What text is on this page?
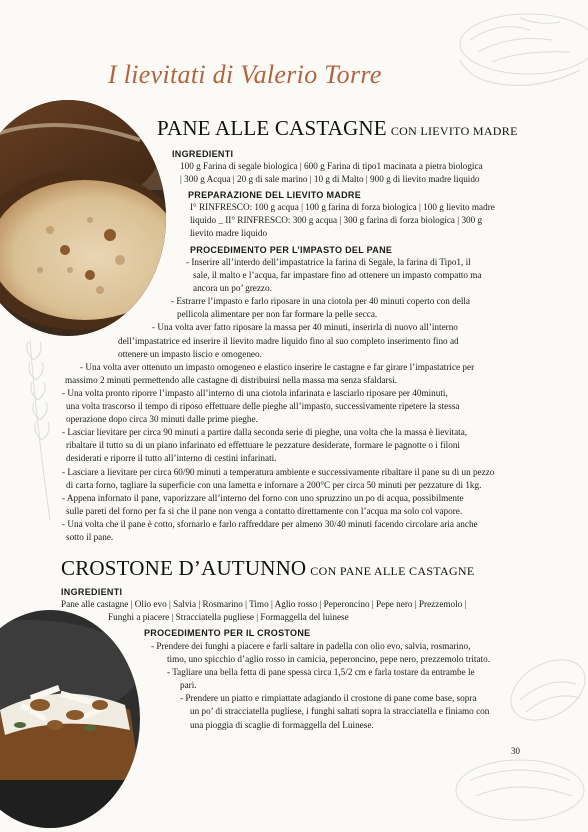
I lievitati di Valerio Torre
PANE ALLE CASTAGNE CON LIEVITO MADRE
INGREDIENTI

100 g Farina di segale biologica | 600 g Farina di tipo1 macinata a pietra biologica

| 300 g Acqua | 20 g di sale marino | 10 g di Malto | 900 g di lievito madre liquido

PREPARAZIONE DEL LIEVITO MADRE

I° RINFRESCO: 100 g acqua | 100 g farina di forza biologica | 100 g lievito madre

liquido _ II° RINFRESCO: 300 g acqua | 300 g farina di forza biologica | 300 g

lievito madre liquido

PROCEDIMENTO PER L’IMPASTO DEL PANE

- Inserire all’interdo dell’impastatrice la farina di Segale, la farina di Tipo1, il

sale, il malto e l’acqua, far impastare fino ad ottenere un impasto compatto ma

ancora un po’ grezzo.

- Estrarre l’impasto e farlo riposare in una ciotola per 40 minuti coperto con della

pellicola alimentare per non far formare la pelle secca.

- Una volta aver fatto riposare la massa per 40 minuti, inserirla di nuovo all’interno

dell’impastatrice ed inserire il lievito madre liquido fino al suo completo inserimento fino ad

ottenere un impasto liscio e omogeneo.

- Una volta aver ottenuto un impasto omogeneo e elastico inserire le castagne e far girare l’impastatrice per

massimo 2 minuti permettendo alle castagne di distribuirsi nella massa ma senza sfaldarsi.

- Una volta pronto riporre l’impasto all’interno di una ciotola infarinata e lasciarlo riposare per 40minuti,

una volta trascorso il tempo di riposo effettuare delle pieghe all’impasto, successivamente ripetere la stessa

operazione dopo circa 30 minuti dalle prime pieghe.

- Lasciar lievitare per circa 90 minuti a partire dalla seconda serie di pieghe, una volta che la massa è lievitata,

ribaltare il tutto su di un piano infarinato ed effettuare le pezzature desiderate, formare le pagnotte o i filoni

desiderati e riporre il tutto all’interno di cestini infarinati.

- Lasciare a lievitare per circa 60/90 minuti a temperatura ambiente e successivamente ribaltare il pane su di un pezzo

di carta forno, tagliare la superficie con una lametta e infornare a 200°C per circa 50 minuti per pezzature di 1kg.

- Appena infornato il pane, vaporizzare all’interno del forno con uno spruzzino un po di acqua, possibilmente

sulle pareti del forno per fa si che il pane non venga a contatto direttamente con l’acqua ma solo col vapore.

- Una volta che il pane è cotto, sfornarlo e farlo raffreddare per almeno 30/40 minuti facendo circolare aria anche

sotto il pane.

CROSTONE D’AUTUNNO CON PANE ALLE CASTAGNE
INGREDIENTI

Pane alle castagne | Olio evo | Salvia | Rosmarino | Timo | Aglio rosso | Peperoncino | Pepe nero | Prezzemolo |

Funghi a piacere | Stracciatella pugliese | Formaggella del luinese

PROCEDIMENTO PER IL CROSTONE

- Prendere dei funghi a piacere e farli saltare in padella con olio evo, salvia, rosmarino,

timo, uno spicchio d’aglio rosso in camicia, peperoncino, pepe nero, prezzemolo tritato.

- Tagliare una bella fetta di pane spessa circa 1,5/2 cm e farla tostare da entrambe le

pari.

- Prendere un piatto e rimpiattate adagiando il crostone di pane come base, sopra

un po’ di stracciatella pugliese, i funghi saltati sopra la stracciatella e finiamo con

una pioggia di scaglie di formaggella del Luinese.

30
